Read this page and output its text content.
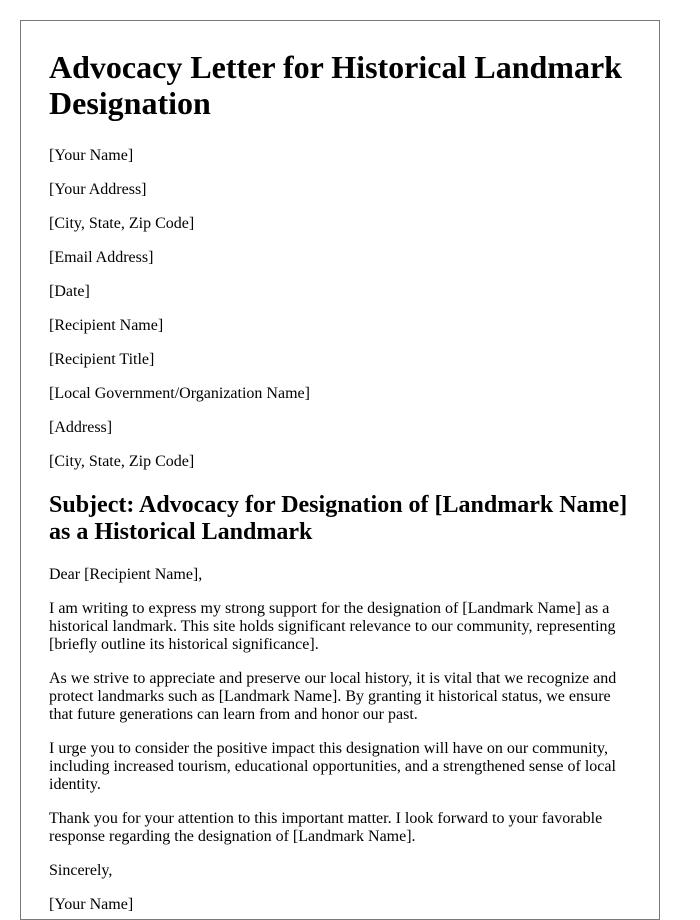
Advocacy Letter for Historical Landmark Designation
[Your Name]
[Your Address]
[City, State, Zip Code]
[Email Address]
[Date]
[Recipient Name]
[Recipient Title]
[Local Government/Organization Name]
[Address]
[City, State, Zip Code]
Subject: Advocacy for Designation of [Landmark Name] as a Historical Landmark

Dear [Recipient Name],

I am writing to express my strong support for the designation of [Landmark Name] as a historical landmark. This site holds significant relevance to our community, representing [briefly outline its historical significance].

As we strive to appreciate and preserve our local history, it is vital that we recognize and protect landmarks such as [Landmark Name]. By granting it historical status, we ensure that future generations can learn from and honor our past.

I urge you to consider the positive impact this designation will have on our community, including increased tourism, educational opportunities, and a strengthened sense of local identity.

Thank you for your attention to this important matter. I look forward to your favorable response regarding the designation of [Landmark Name].

Sincerely,

[Your Name]
